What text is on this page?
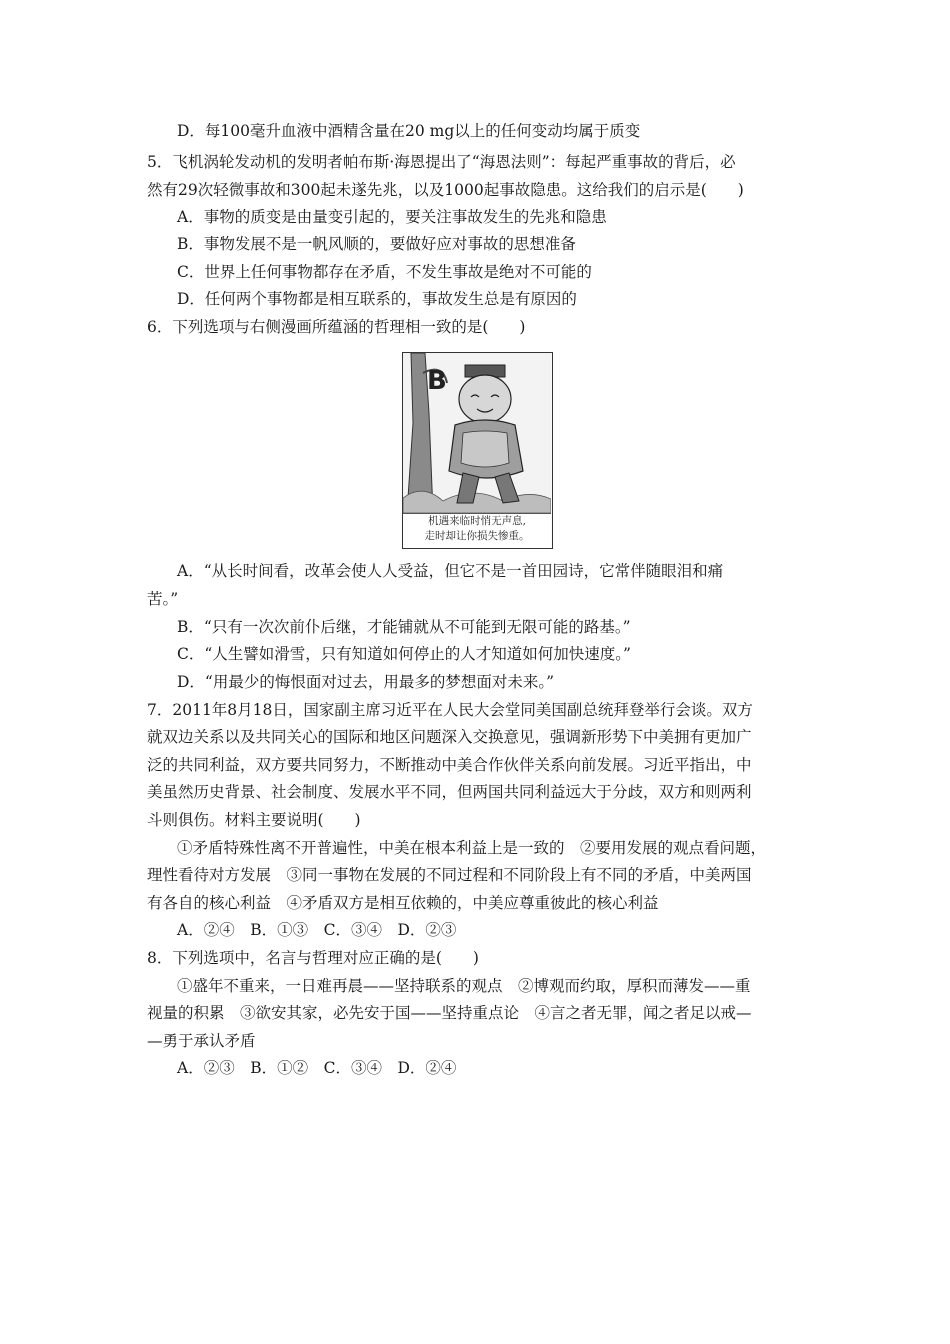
D．每100毫升血液中酒精含量在20 mg以上的任何变动均属于质变
5．飞机涡轮发动机的发明者帕布斯·海恩提出了“海恩法则”：每起严重事故的背后，必
然有29次轻微事故和300起未遂先兆，以及1000起事故隐患。这给我们的启示是(　　)
A．事物的质变是由量变引起的，要关注事故发生的先兆和隐患
B．事物发展不是一帆风顺的，要做好应对事故的思想准备
C．世界上任何事物都存在矛盾，不发生事故是绝对不可能的
D．任何两个事物都是相互联系的，事故发生总是有原因的
6．下列选项与右侧漫画所蕴涵的哲理相一致的是(　　)
B
机遇来临时悄无声息,
走时却让你损失惨重。
A．“从长时间看，改革会使人人受益，但它不是一首田园诗，它常伴随眼泪和痛
苦。”
B．“只有一次次前仆后继，才能铺就从不可能到无限可能的路基。”
C．“人生譬如滑雪，只有知道如何停止的人才知道如何加快速度。”
D．“用最少的悔恨面对过去，用最多的梦想面对未来。”
7．2011年8月18日，国家副主席习近平在人民大会堂同美国副总统拜登举行会谈。双方
就双边关系以及共同关心的国际和地区问题深入交换意见，强调新形势下中美拥有更加广
泛的共同利益，双方要共同努力，不断推动中美合作伙伴关系向前发展。习近平指出，中
美虽然历史背景、社会制度、发展水平不同，但两国共同利益远大于分歧，双方和则两利
斗则俱伤。材料主要说明(　　)
①矛盾特殊性离不开普遍性，中美在根本利益上是一致的　②要用发展的观点看问题，
理性看待对方发展　③同一事物在发展的不同过程和不同阶段上有不同的矛盾，中美两国
有各自的核心利益　④矛盾双方是相互依赖的，中美应尊重彼此的核心利益
A．②④　B．①③　C．③④　D．②③
8．下列选项中，名言与哲理对应正确的是(　　)
①盛年不重来，一日难再晨——坚持联系的观点　②博观而约取，厚积而薄发——重
视量的积累　③欲安其家，必先安于国——坚持重点论　④言之者无罪，闻之者足以戒—
—勇于承认矛盾
A．②③　B．①②　C．③④　D．②④
